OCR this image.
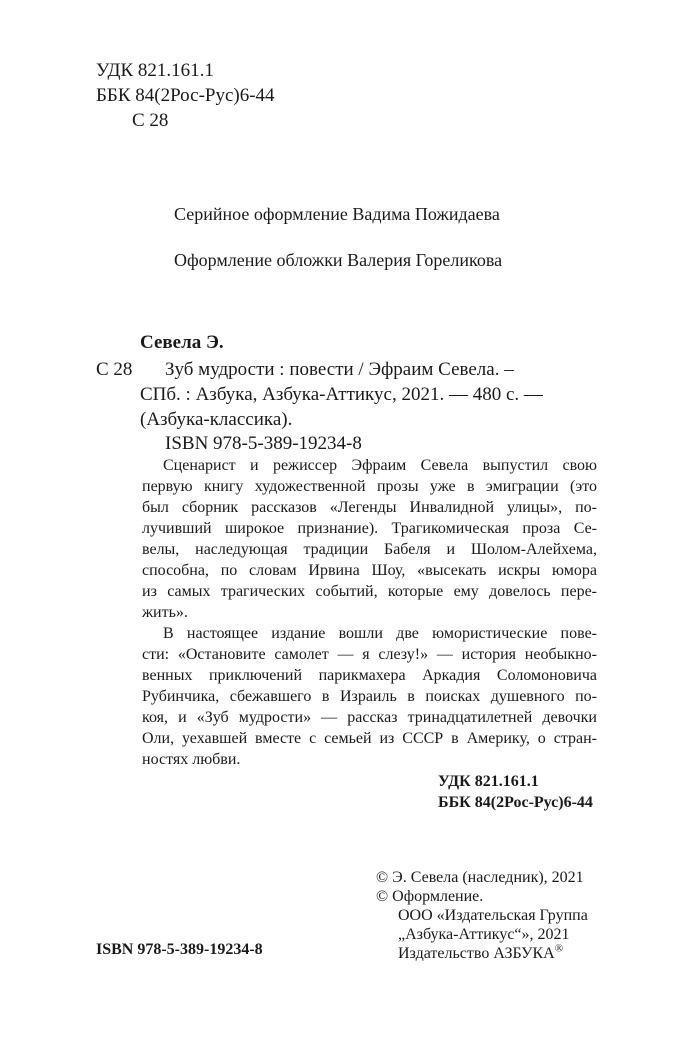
УДК 821.161.1
ББК 84(2Рос-Рус)6-44
С 28
Серийное оформление Вадима Пожидаева
Оформление обложки Валерия Гореликова
Севела Э.
С 28 Зуб мудрости : повести / Эфраим Севела. –
СПб. : Азбука, Азбука-Аттикус, 2021. — 480 с. —
(Азбука-классика).
ISBN 978-5-389-19234-8
Сценарист и режиссер Эфраим Севела выпустил свою
первую книгу художественной прозы уже в эмиграции (это
был сборник рассказов «Легенды Инвалидной улицы», по-
лучивший широкое признание). Трагикомическая проза Се-
велы, наследующая традиции Бабеля и Шолом-Алейхема,
способна, по словам Ирвина Шоу, «высекать искры юмора
из самых трагических событий, которые ему довелось пере-
жить».
В настоящее издание вошли две юмористические пове-
сти: «Остановите самолет — я слезу!» — история необыкно-
венных приключений парикмахера Аркадия Соломоновича
Рубинчика, сбежавшего в Израиль в поисках душевного по-
коя, и «Зуб мудрости» — рассказ тринадцатилетней девочки
Оли, уехавшей вместе с семьей из СССР в Америку, о стран-
ностях любви.
УДК 821.161.1
ББК 84(2Рос-Рус)6-44
© Э. Севела (наследник), 2021
© Оформление.
ООО «Издательская Группа
„Азбука-Аттикус“», 2021
Издательство АЗБУКА®
ISBN 978-5-389-19234-8
